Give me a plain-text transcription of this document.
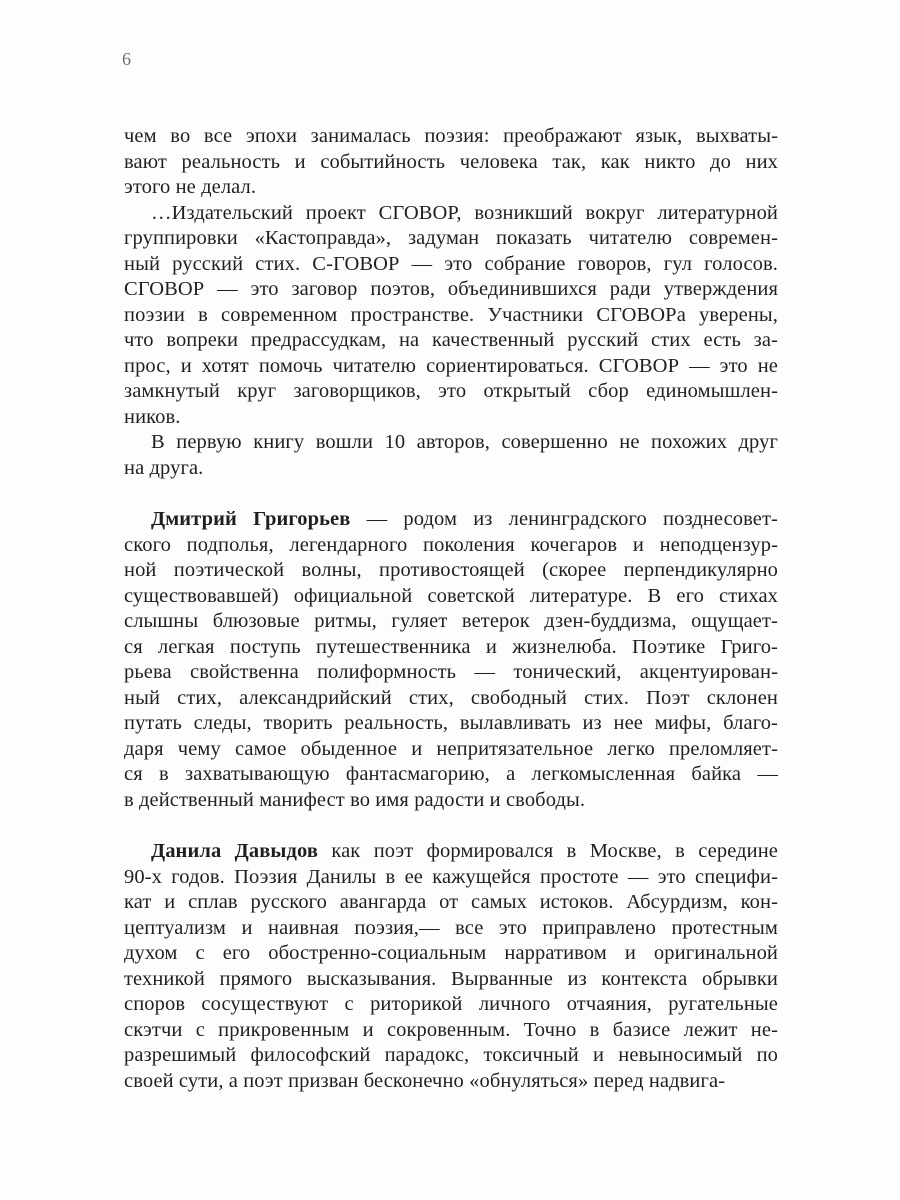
6
чем во все эпохи занималась поэзия: преображают язык, выхваты-
вают реальность и событийность человека так, как никто до них
этого не делал.
…Издательский проект СГОВОР, возникший вокруг литературной
группировки «Кастоправда», задуман показать читателю современ-
ный русский стих. С-ГОВОР — это собрание говоров, гул голосов.
СГОВОР — это заговор поэтов, объединившихся ради утверждения
поэзии в современном пространстве. Участники СГОВОРа уверены,
что вопреки предрассудкам, на качественный русский стих есть за-
прос, и хотят помочь читателю сориентироваться. СГОВОР — это не
замкнутый круг заговорщиков, это открытый сбор единомышлен-
ников.
В первую книгу вошли 10 авторов, совершенно не похожих друг
на друга.
Дмитрий Григорьев — родом из ленинградского позднесовет-
ского подполья, легендарного поколения кочегаров и неподцензур-
ной поэтической волны, противостоящей (скорее перпендикулярно
существовавшей) официальной советской литературе. В его стихах
слышны блюзовые ритмы, гуляет ветерок дзен-буддизма, ощущает-
ся легкая поступь путешественника и жизнелюба. Поэтике Григо-
рьева свойственна полиформность — тонический, акцентуирован-
ный стих, александрийский стих, свободный стих. Поэт склонен
путать следы, творить реальность, вылавливать из нее мифы, благо-
даря чему самое обыденное и непритязательное легко преломляет-
ся в захватывающую фантасмагорию, а легкомысленная байка —
в действенный манифест во имя радости и свободы.
Данила Давыдов как поэт формировался в Москве, в середине
90-х годов. Поэзия Данилы в ее кажущейся простоте — это специфи-
кат и сплав русского авангарда от самых истоков. Абсурдизм, кон-
цептуализм и наивная поэзия,— все это приправлено протестным
духом с его обостренно-социальным нарративом и оригинальной
техникой прямого высказывания. Вырванные из контекста обрывки
споров сосуществуют с риторикой личного отчаяния, ругательные
скэтчи с прикровенным и сокровенным. Точно в базисе лежит не-
разрешимый философский парадокс, токсичный и невыносимый по
своей сути, а поэт призван бесконечно «обнуляться» перед надвига-
